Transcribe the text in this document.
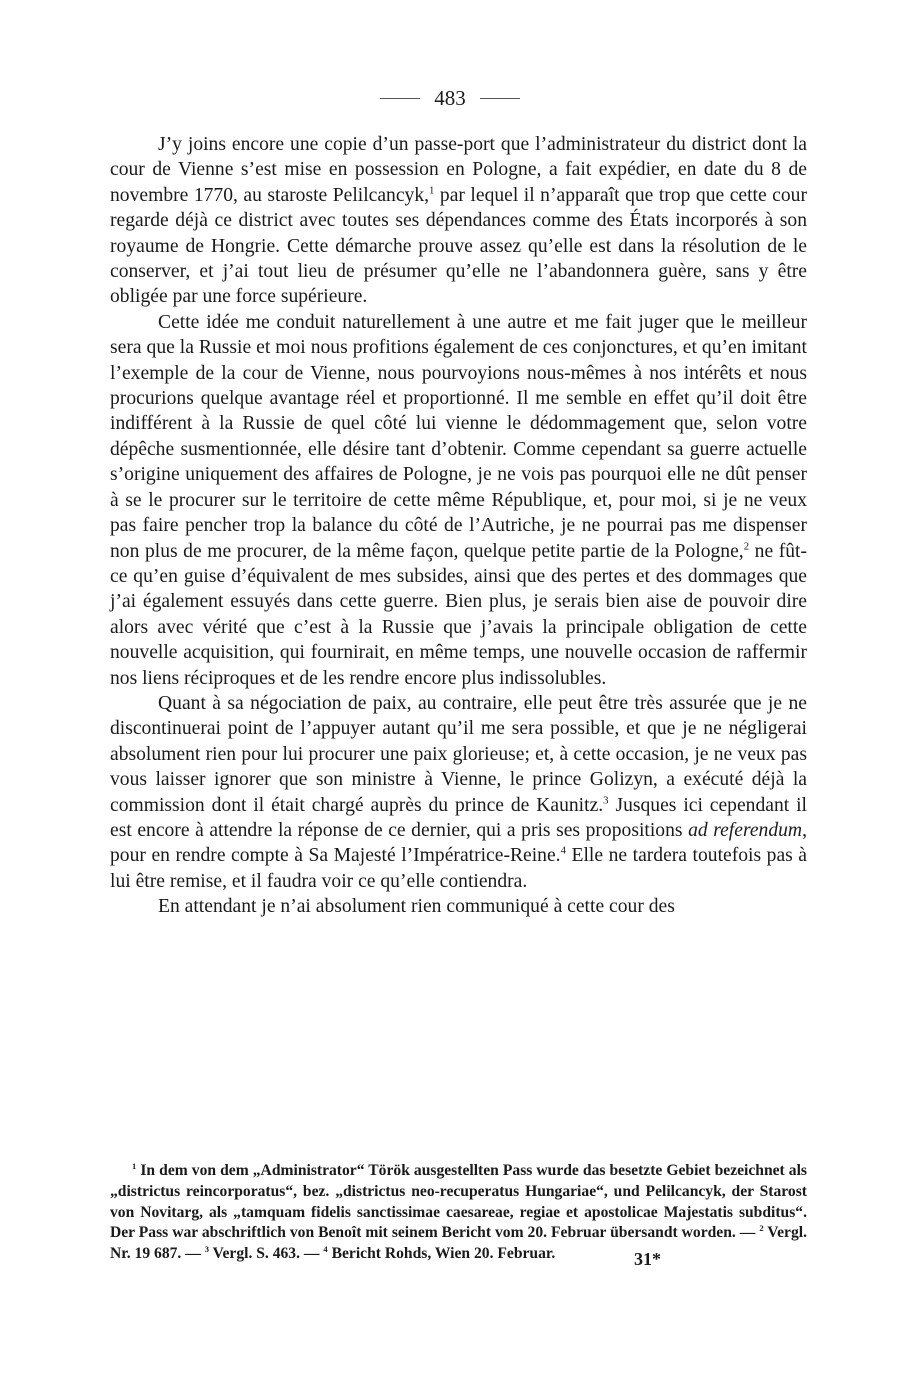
483

J’y joins encore une copie d’un passe-port que l’administrateur du district dont la cour de Vienne s’est mise en possession en Pologne, a fait expédier, en date du 8 de novembre 1770, au staroste Pelilcancyk,$^1$ par lequel il n’apparaît que trop que cette cour regarde déjà ce district avec toutes ses dépendances comme des États incorporés à son royaume de Hongrie. Cette démarche prouve assez qu’elle est dans la résolution de le conserver, et j’ai tout lieu de présumer qu’elle ne l’abandonnera guère, sans y être obligée par une force supérieure.

Cette idée me conduit naturellement à une autre et me fait juger que le meilleur sera que la Russie et moi nous profitions également de ces conjonctures, et qu’en imitant l’exemple de la cour de Vienne, nous pourvoyions nous-mêmes à nos intérêts et nous procurions quelque avantage réel et proportionné. Il me semble en effet qu’il doit être indifférent à la Russie de quel côté lui vienne le dédommagement que, selon votre dépêche susmentionnée, elle désire tant d’obtenir. Comme cependant sa guerre actuelle s’origine uniquement des affaires de Pologne, je ne vois pas pourquoi elle ne dût penser à se le procurer sur le territoire de cette même République, et, pour moi, si je ne veux pas faire pencher trop la balance du côté de l’Autriche, je ne pourrai pas me dispenser non plus de me procurer, de la même façon, quelque petite partie de la Pologne,$^2$ ne fût-ce qu’en guise d’équivalent de mes subsides, ainsi que des pertes et des dommages que j’ai également essuyés dans cette guerre. Bien plus, je serais bien aise de pouvoir dire alors avec vérité que c’est à la Russie que j’avais la principale obligation de cette nouvelle acquisition, qui fournirait, en même temps, une nouvelle occasion de raffermir nos liens réciproques et de les rendre encore plus indissolubles.

Quant à sa négociation de paix, au contraire, elle peut être très assurée que je ne discontinuerai point de l’appuyer autant qu’il me sera possible, et que je ne négligerai absolument rien pour lui procurer une paix glorieuse; et, à cette occasion, je ne veux pas vous laisser ignorer que son ministre à Vienne, le prince Golizyn, a exécuté déjà la commission dont il était chargé auprès du prince de Kaunitz.$^3$ Jusques ici cependant il est encore à attendre la réponse de ce dernier, qui a pris ses propositions ad referendum, pour en rendre compte à Sa Majesté l’Impératrice-Reine.$^4$ Elle ne tardera toutefois pas à lui être remise, et il faudra voir ce qu’elle contiendra.

En attendant je n’ai absolument rien communiqué à cette cour des

$^1$ In dem von dem „Administrator“ Török ausgestellten Pass wurde das besetzte Gebiet bezeichnet als „districtus reincorporatus“, bez. „districtus neo-recuperatus Hungariae“, und Pelilcancyk, der Starost von Novitarg, als „tamquam fidelis sanctissimae caesareae, regiae et apostolicae Majestatis subditus“. Der Pass war abschriftlich von Benoît mit seinem Bericht vom 20. Februar übersandt worden. — $^2$ Vergl. Nr. 19 687. — $^3$ Vergl. S. 463. — $^4$ Bericht Rohds, Wien 20. Februar.	31*
